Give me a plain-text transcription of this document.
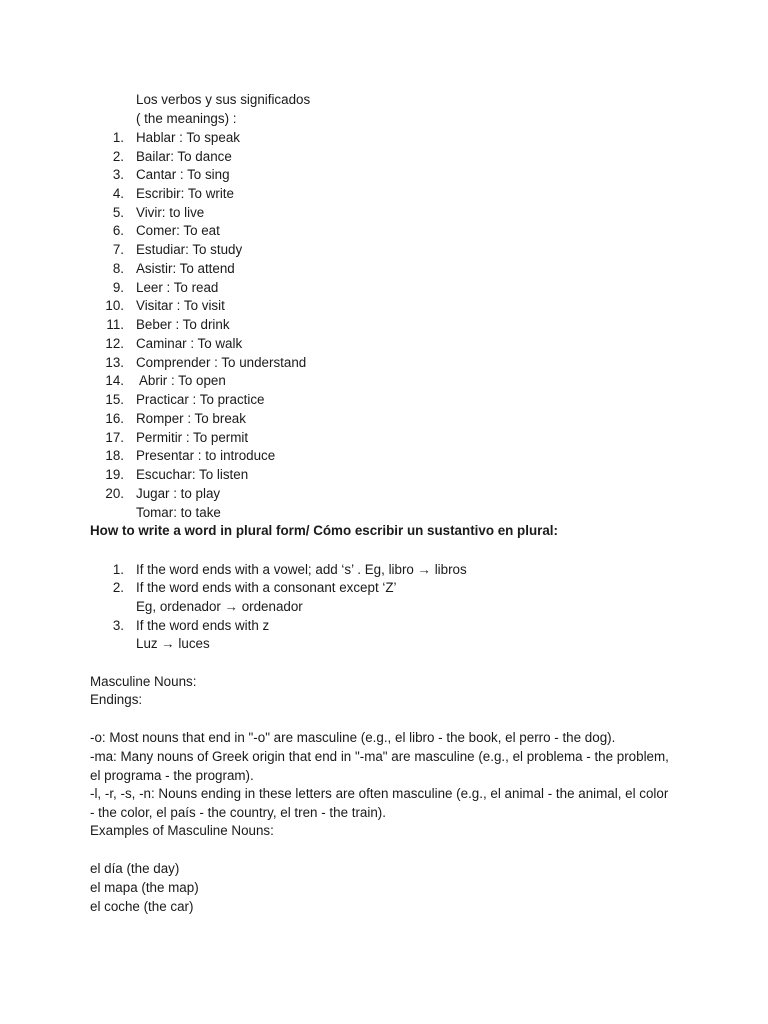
Los verbos y sus significados
( the meanings) :
1. Hablar : To speak
2. Bailar: To dance
3. Cantar : To sing
4. Escribir: To write
5. Vivir: to live
6. Comer: To eat
7. Estudiar: To study
8. Asistir: To attend
9. Leer : To read
10. Visitar : To visit
11. Beber : To drink
12. Caminar : To walk
13. Comprender : To understand
14. Abrir : To open
15. Practicar : To practice
16. Romper : To break
17. Permitir : To permit
18. Presentar : to introduce
19. Escuchar: To listen
20. Jugar : to play
Tomar: to take
How to write a word in plural form/ Cómo escribir un sustantivo en plural:
1. If the word ends with a vowel; add ‘s’ . Eg, libro → libros
2. If the word ends with a consonant except ‘Z’
Eg, ordenador → ordenador
3. If the word ends with z
Luz → luces
Masculine Nouns:
Endings:
-o: Most nouns that end in "-o" are masculine (e.g., el libro - the book, el perro - the dog).
-ma: Many nouns of Greek origin that end in "-ma" are masculine (e.g., el problema - the problem, el programa - the program).
-l, -r, -s, -n: Nouns ending in these letters are often masculine (e.g., el animal - the animal, el color - the color, el país - the country, el tren - the train).
Examples of Masculine Nouns:
el día (the day)
el mapa (the map)
el coche (the car)
